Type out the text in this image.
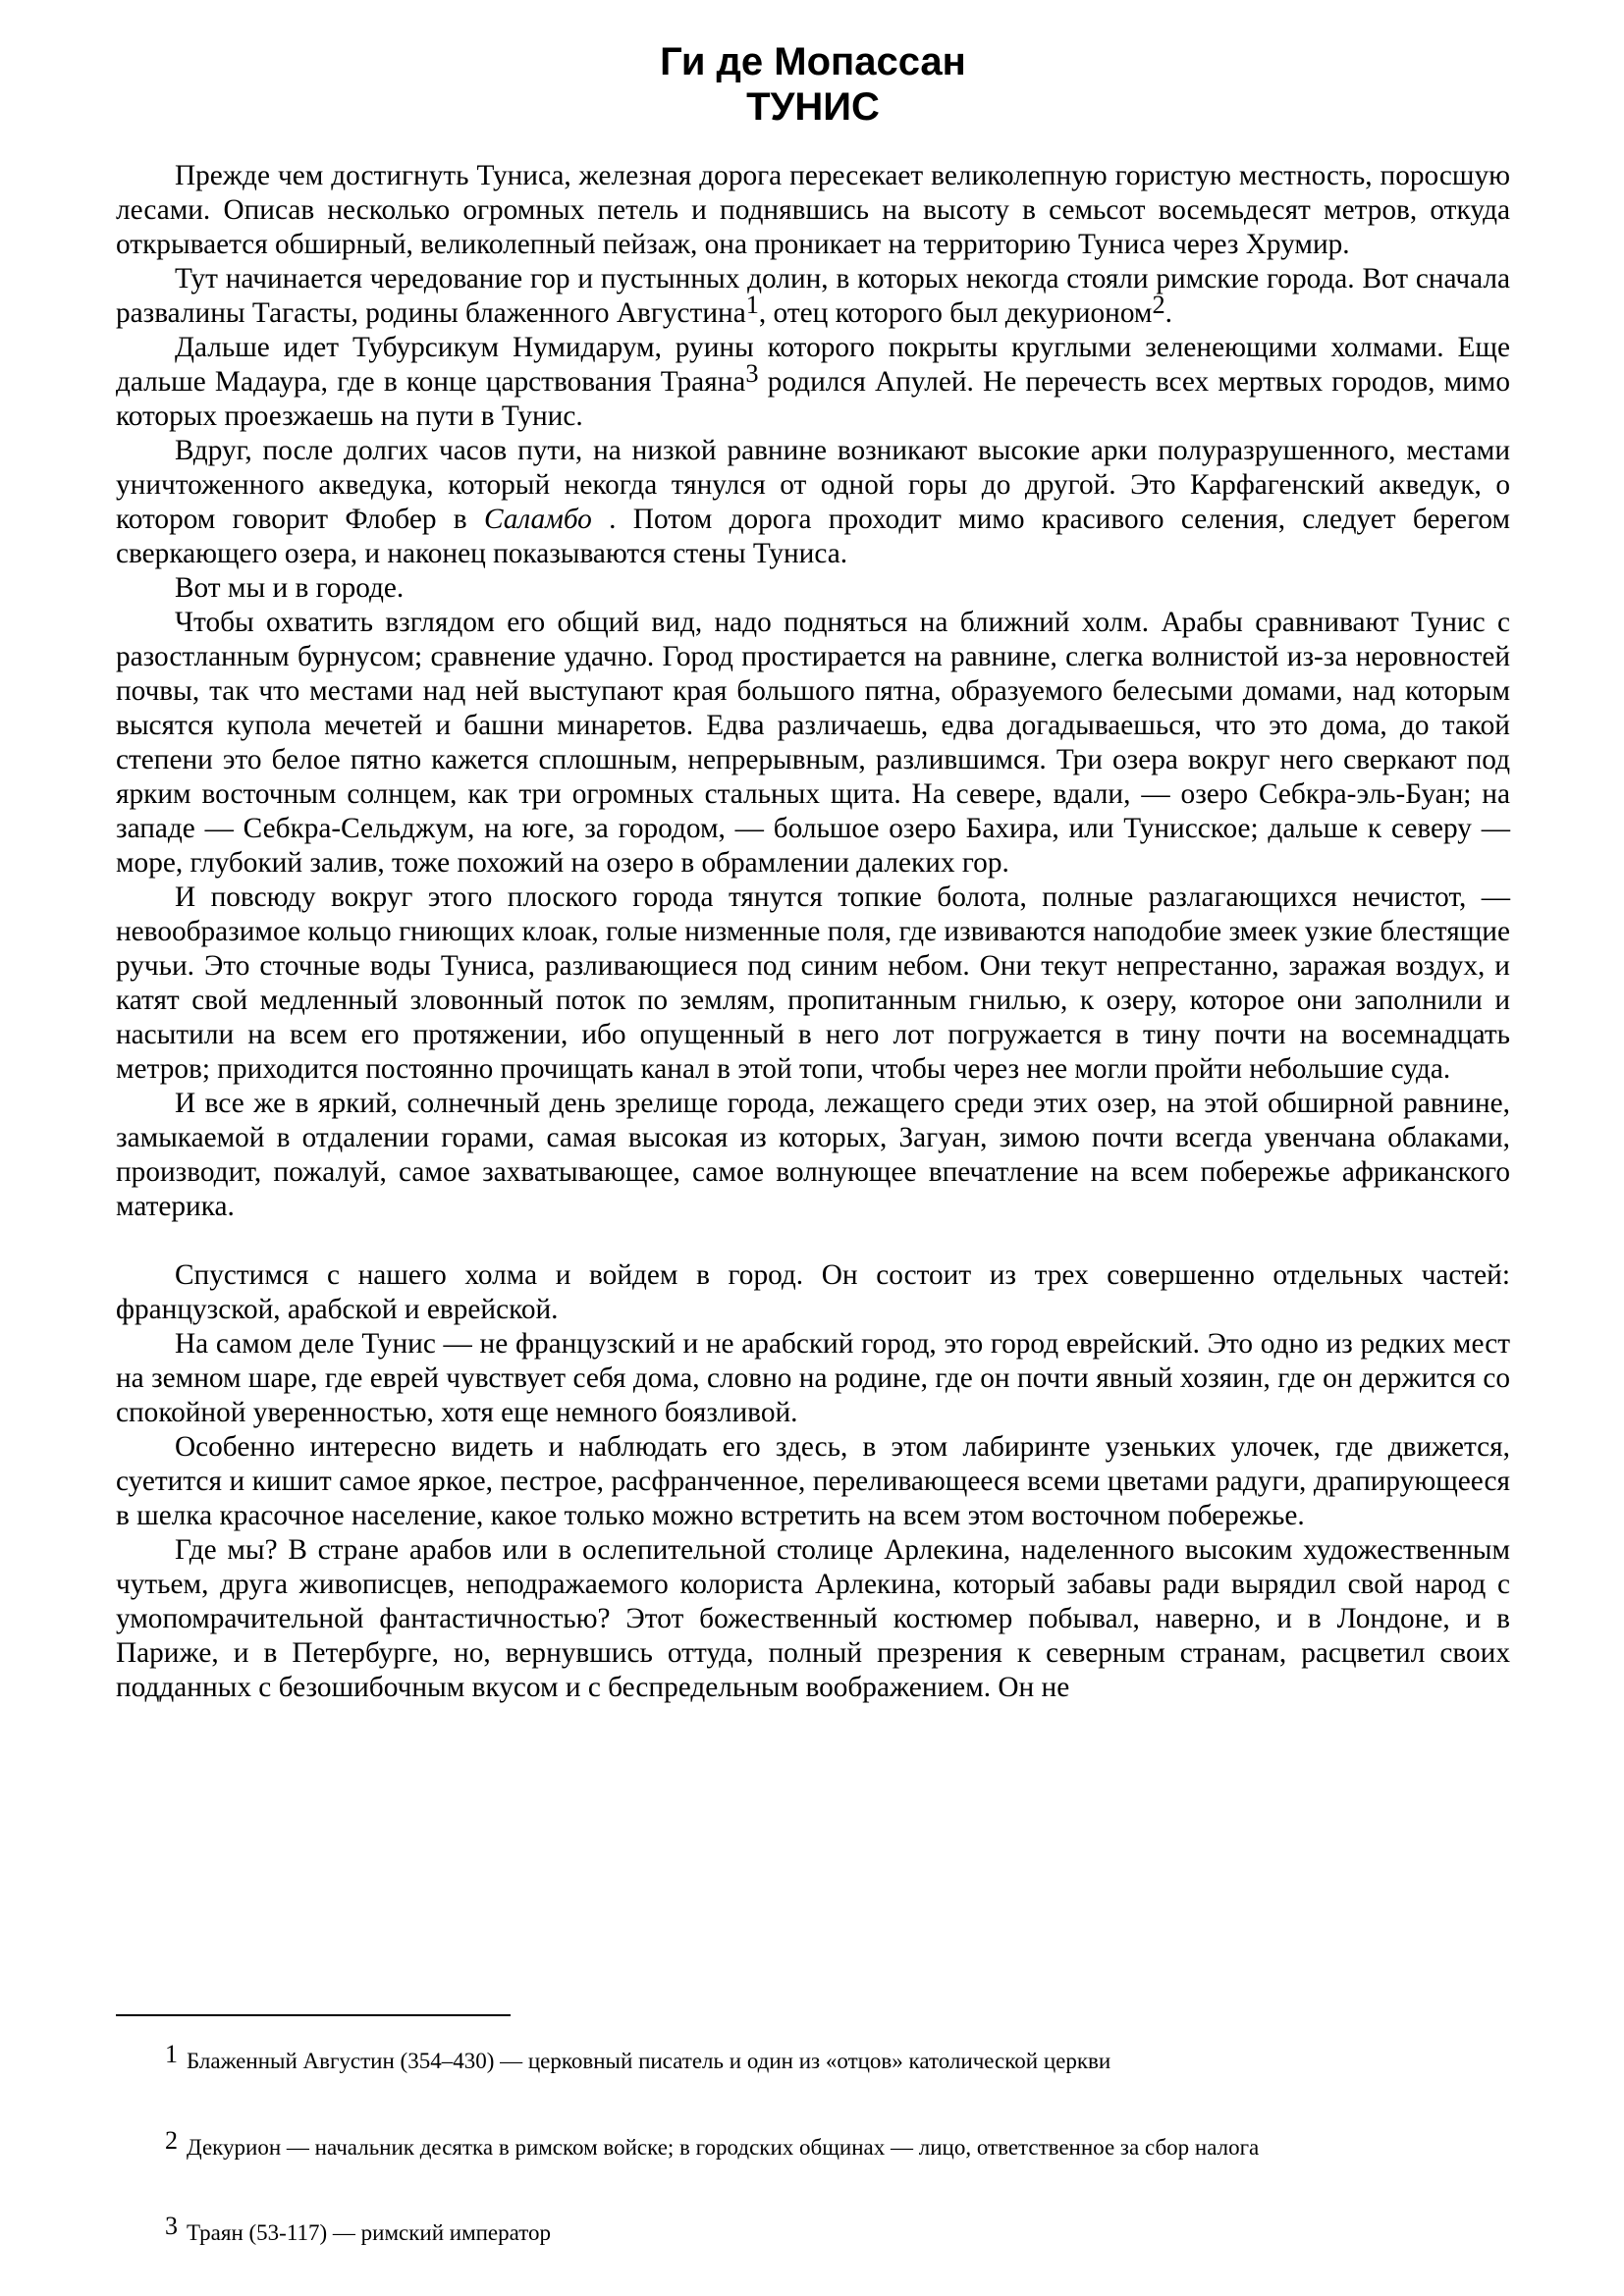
Ги де Мопассан
ТУНИС

Прежде чем достигнуть Туниса, железная дорога пересекает великолепную гористую местность, поросшую лесами. Описав несколько огромных петель и поднявшись на высоту в семьсот восемьдесят метров, откуда открывается обширный, великолепный пейзаж, она проникает на территорию Туниса через Хрумир.

Тут начинается чередование гор и пустынных долин, в которых некогда стояли римские города. Вот сначала развалины Тагасты, родины блаженного Августина1, отец которого был декурионом2.

Дальше идет Тубурсикум Нумидарум, руины которого покрыты круглыми зеленеющими холмами. Еще дальше Мадаура, где в конце царствования Траяна3 родился Апулей. Не перечесть всех мертвых городов, мимо которых проезжаешь на пути в Тунис.

Вдруг, после долгих часов пути, на низкой равнине возникают высокие арки полуразрушенного, местами уничтоженного акведука, который некогда тянулся от одной горы до другой. Это Карфагенский акведук, о котором говорит Флобер в Саламбо . Потом дорога проходит мимо красивого селения, следует берегом сверкающего озера, и наконец показываются стены Туниса.

Вот мы и в городе.

Чтобы охватить взглядом его общий вид, надо подняться на ближний холм. Арабы сравнивают Тунис с разостланным бурнусом; сравнение удачно. Город простирается на равнине, слегка волнистой из-за неровностей почвы, так что местами над ней выступают края большого пятна, образуемого белесыми домами, над которым высятся купола мечетей и башни минаретов. Едва различаешь, едва догадываешься, что это дома, до такой степени это белое пятно кажется сплошным, непрерывным, разлившимся. Три озера вокруг него сверкают под ярким восточным солнцем, как три огромных стальных щита. На севере, вдали, — озеро Себкра-эль-Буан; на западе — Себкра-Сельджум, на юге, за городом, — большое озеро Бахира, или Тунисское; дальше к северу — море, глубокий залив, тоже похожий на озеро в обрамлении далеких гор.

И повсюду вокруг этого плоского города тянутся топкие болота, полные разлагающихся нечистот, — невообразимое кольцо гниющих клоак, голые низменные поля, где извиваются наподобие змеек узкие блестящие ручьи. Это сточные воды Туниса, разливающиеся под синим небом. Они текут непрестанно, заражая воздух, и катят свой медленный зловонный поток по землям, пропитанным гнилью, к озеру, которое они заполнили и насытили на всем его протяжении, ибо опущенный в него лот погружается в тину почти на восемнадцать метров; приходится постоянно прочищать канал в этой топи, чтобы через нее могли пройти небольшие суда.

И все же в яркий, солнечный день зрелище города, лежащего среди этих озер, на этой обширной равнине, замыкаемой в отдалении горами, самая высокая из которых, Загуан, зимою почти всегда увенчана облаками, производит, пожалуй, самое захватывающее, самое волнующее впечатление на всем побережье африканского материка.

Спустимся с нашего холма и войдем в город. Он состоит из трех совершенно отдельных частей: французской, арабской и еврейской.

На самом деле Тунис — не французский и не арабский город, это город еврейский. Это одно из редких мест на земном шаре, где еврей чувствует себя дома, словно на родине, где он почти явный хозяин, где он держится со спокойной уверенностью, хотя еще немного боязливой.

Особенно интересно видеть и наблюдать его здесь, в этом лабиринте узеньких улочек, где движется, суетится и кишит самое яркое, пестрое, расфранченное, переливающееся всеми цветами радуги, драпирующееся в шелка красочное население, какое только можно встретить на всем этом восточном побережье.

Где мы? В стране арабов или в ослепительной столице Арлекина, наделенного высоким художественным чутьем, друга живописцев, неподражаемого колориста Арлекина, который забавы ради вырядил свой народ с умопомрачительной фантастичностью? Этот божественный костюмер побывал, наверно, и в Лондоне, и в Париже, и в Петербурге, но, вернувшись оттуда, полный презрения к северным странам, расцветил своих подданных с безошибочным вкусом и с беспредельным воображением. Он не

1 Блаженный Августин (354–430) — церковный писатель и один из «отцов» католической церкви
2 Декурион — начальник десятка в римском войске; в городских общинах — лицо, ответственное за сбор налога
3 Траян (53-117) — римский император
